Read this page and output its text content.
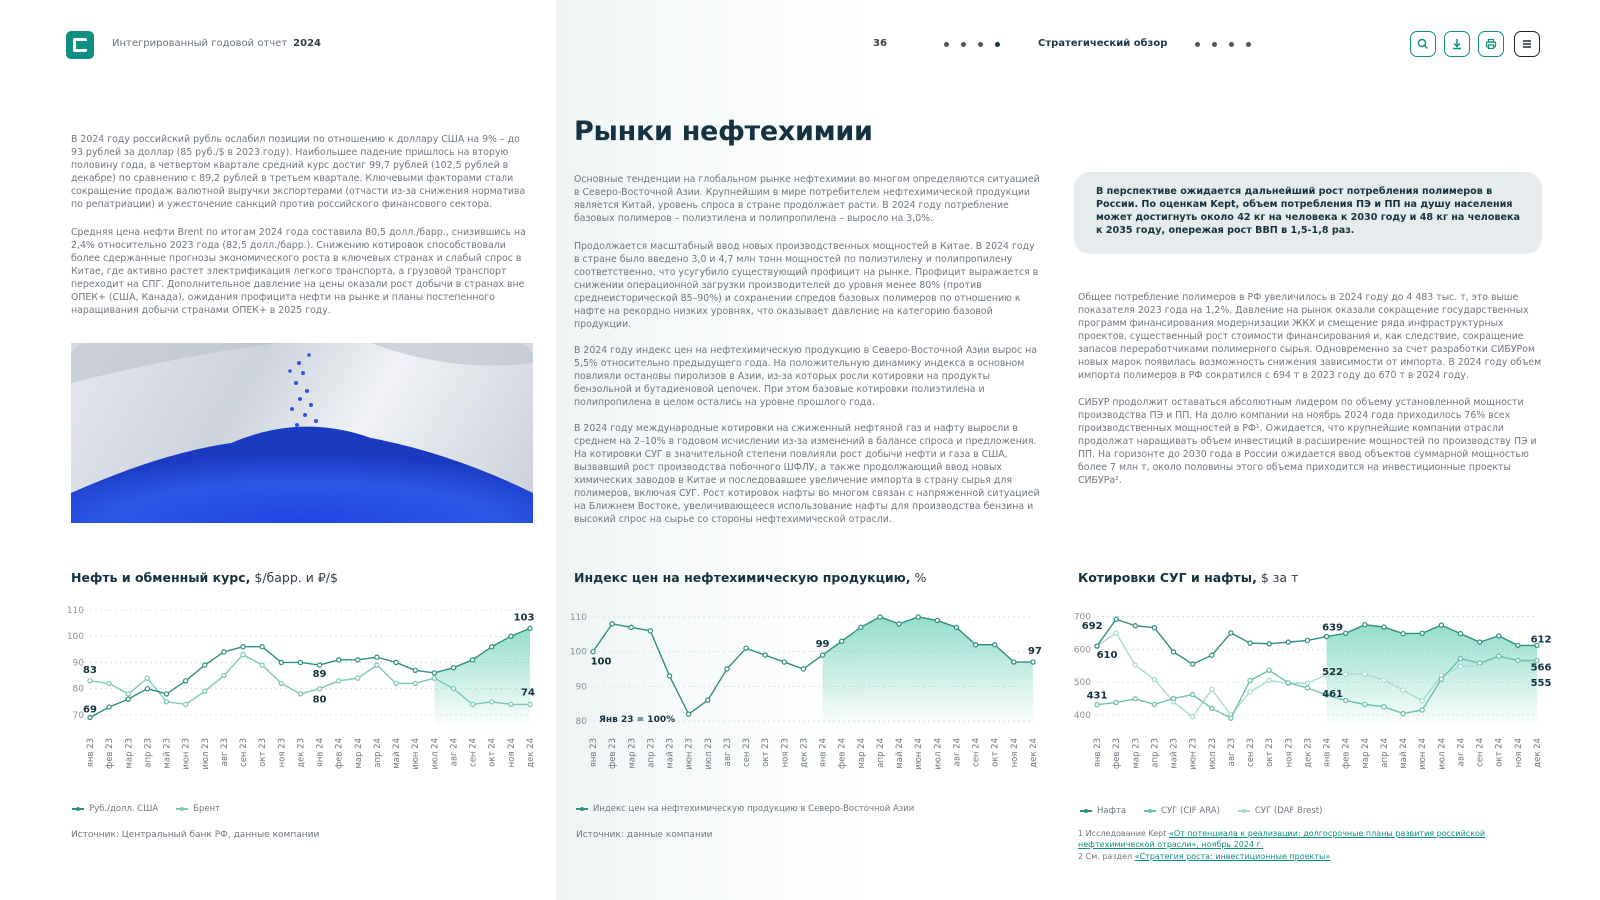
Интегрированный годовой отчет 2024	36	Стратегический обзор
В 2024 году российский рубль ослабил позиции по отношению к доллару США на 9% – до 93 рублей за доллар (85 руб./$ в 2023 году). Наибольшее падение пришлось на вторую половину года, в четвертом квартале средний курс достиг 99,7 рублей (102,5 рублей в декабре) по сравнению с 89,2 рублей в третьем квартале. Ключевыми факторами стали сокращение продаж валютной выручки экспортерами (отчасти из-за снижения норматива по репатриации) и ужесточение санкций против российского финансового сектора.
Средняя цена нефти Brent по итогам 2024 года составила 80,5 долл./барр., снизившись на 2,4% относительно 2023 года (82,5 долл./барр.). Снижению котировок способствовали более сдержанные прогнозы экономического роста в ключевых странах и слабый спрос в Китае, где активно растет электрификация легкого транспорта, а грузовой транспорт переходит на СПГ. Дополнительное давление на цены оказали рост добычи в странах вне ОПЕК+ (США, Канада), ожидания профицита нефти на рынке и планы постепенного наращивания добычи странами ОПЕК+ в 2025 году.
Рынки нефтехимии
Основные тенденции на глобальном рынке нефтехимии во многом определяются ситуацией в Северо-Восточной Азии. Крупнейшим в мире потребителем нефтехимической продукции является Китай, уровень спроса в стране продолжает расти. В 2024 году потребление базовых полимеров – полиэтилена и полипропилена – выросло на 3,0%.
Продолжается масштабный ввод новых производственных мощностей в Китае. В 2024 году в стране было введено 3,0 и 4,7 млн тонн мощностей по полиэтилену и полипропилену соответственно, что усугубило существующий профицит на рынке. Профицит выражается в снижении операционной загрузки производителей до уровня менее 80% (против среднеисторической 85–90%) и сохранении спредов базовых полимеров по отношению к нафте на рекордно низких уровнях, что оказывает давление на категорию базовой продукции.
В 2024 году индекс цен на нефтехимическую продукцию в Северо-Восточной Азии вырос на 5,5% относительно предыдущего года. На положительную динамику индекса в основном повлияли остановы пиролизов в Азии, из-за которых росли котировки на продукты бензольной и бутадиеновой цепочек. При этом базовые котировки полиэтилена и полипропилена в целом остались на уровне прошлого года.
В 2024 году международные котировки на сжиженный нефтяной газ и нафту выросли в среднем на 2–10% в годовом исчислении из-за изменений в балансе спроса и предложения. На котировки СУГ в значительной степени повлияли рост добычи нефти и газа в США, вызвавший рост производства побочного ШФЛУ, а также продолжающий ввод новых химических заводов в Китае и последовавшее увеличение импорта в страну сырья для полимеров, включая СУГ. Рост котировок нафты во многом связан с напряженной ситуацией на Ближнем Востоке, увеличивающееся использование нафты для производства бензина и высокий спрос на сырье со стороны нефтехимической отрасли.
В перспективе ожидается дальнейший рост потребления полимеров в России. По оценкам Kept, объем потребления ПЭ и ПП на душу населения может достигнуть около 42 кг на человека к 2030 году и 48 кг на человека к 2035 году, опережая рост ВВП в 1,5-1,8 раз.
Общее потребление полимеров в РФ увеличилось в 2024 году до 4 483 тыс. т, это выше показателя 2023 года на 1,2%. Давление на рынок оказали сокращение государственных программ финансирования модернизации ЖКХ и смещение ряда инфраструктурных проектов, существенный рост стоимости финансирования и, как следствие, сокращение запасов переработчиками полимерного сырья. Одновременно за счет разработки СИБУРом новых марок появилась возможность снижения зависимости от импорта. В 2024 году объем импорта полимеров в РФ сократился с 694 т в 2023 году до 670 т в 2024 году.
СИБУР продолжит оставаться абсолютным лидером по объему установленной мощности производства ПЭ и ПП. На долю компании на ноябрь 2024 года приходилось 76% всех производственных мощностей в РФ¹. Ожидается, что крупнейшие компании отрасли продолжат наращивать объем инвестиций в расширение мощностей по производству ПЭ и ПП. На горизонте до 2030 года в России ожидается ввод объектов суммарной мощностью более 7 млн т, около половины этого объема приходится на инвестиционные проекты СИБУРа².
Нефть и обменный курс, $/барр. и ₽/$	Индекс цен на нефтехимическую продукцию, %	Котировки СУГ и нафты, $ за т
70
80
90
100
110
янв 23 фев 23 мар 23 апр 23 май 23 июн 23 июл 23 авг 23 сен 23 окт 23 ноя 23 дек 23 янв 24 фев 24 мар 24 апр 24 май 24 июн 24 июл 24 авг 24 сен 24 окт 24 ноя 24 дек 24
69
83	89
80
103
74
80
90
100
110
янв 23 фев 23 мар 23 апр 23 май 23 июн 23 июл 23 авг 23 сен 23 окт 23 ноя 23 дек 23 янв 24 фев 24 мар 24 апр 24 май 24 июн 24 июл 24 авг 24 сен 24 окт 24 ноя 24 дек 24
100
99
97
Янв 23 = 100%	400
500
600
700
янв 23 фев 23 мар 23 апр 23 май 23 июн 23 июл 23 авг 23 сен 23 окт 23 ноя 23 дек 23 янв 24 фев 24 мар 24 апр 24 май 24 июн 24 июл 24 авг 24 сен 24 окт 24 ноя 24 дек 24
692
610
431
639
522
461
612
566
555
Руб./долл. США	Брент	Индекс цен на нефтехимическую продукцию в Северо-Восточной Азии	Нафта	СУГ (CIF ARA)	СУГ (DAF Brest)
Источник: Центральный банк РФ, данные компании	Источник: данные компании	1 Исследование Kept «От потенциала к реализации: долгосрочные планы развития российской нефтехимической отрасли», ноябрь 2024 г.
2 См. раздел «Стратегия роста: инвестиционные проекты»
